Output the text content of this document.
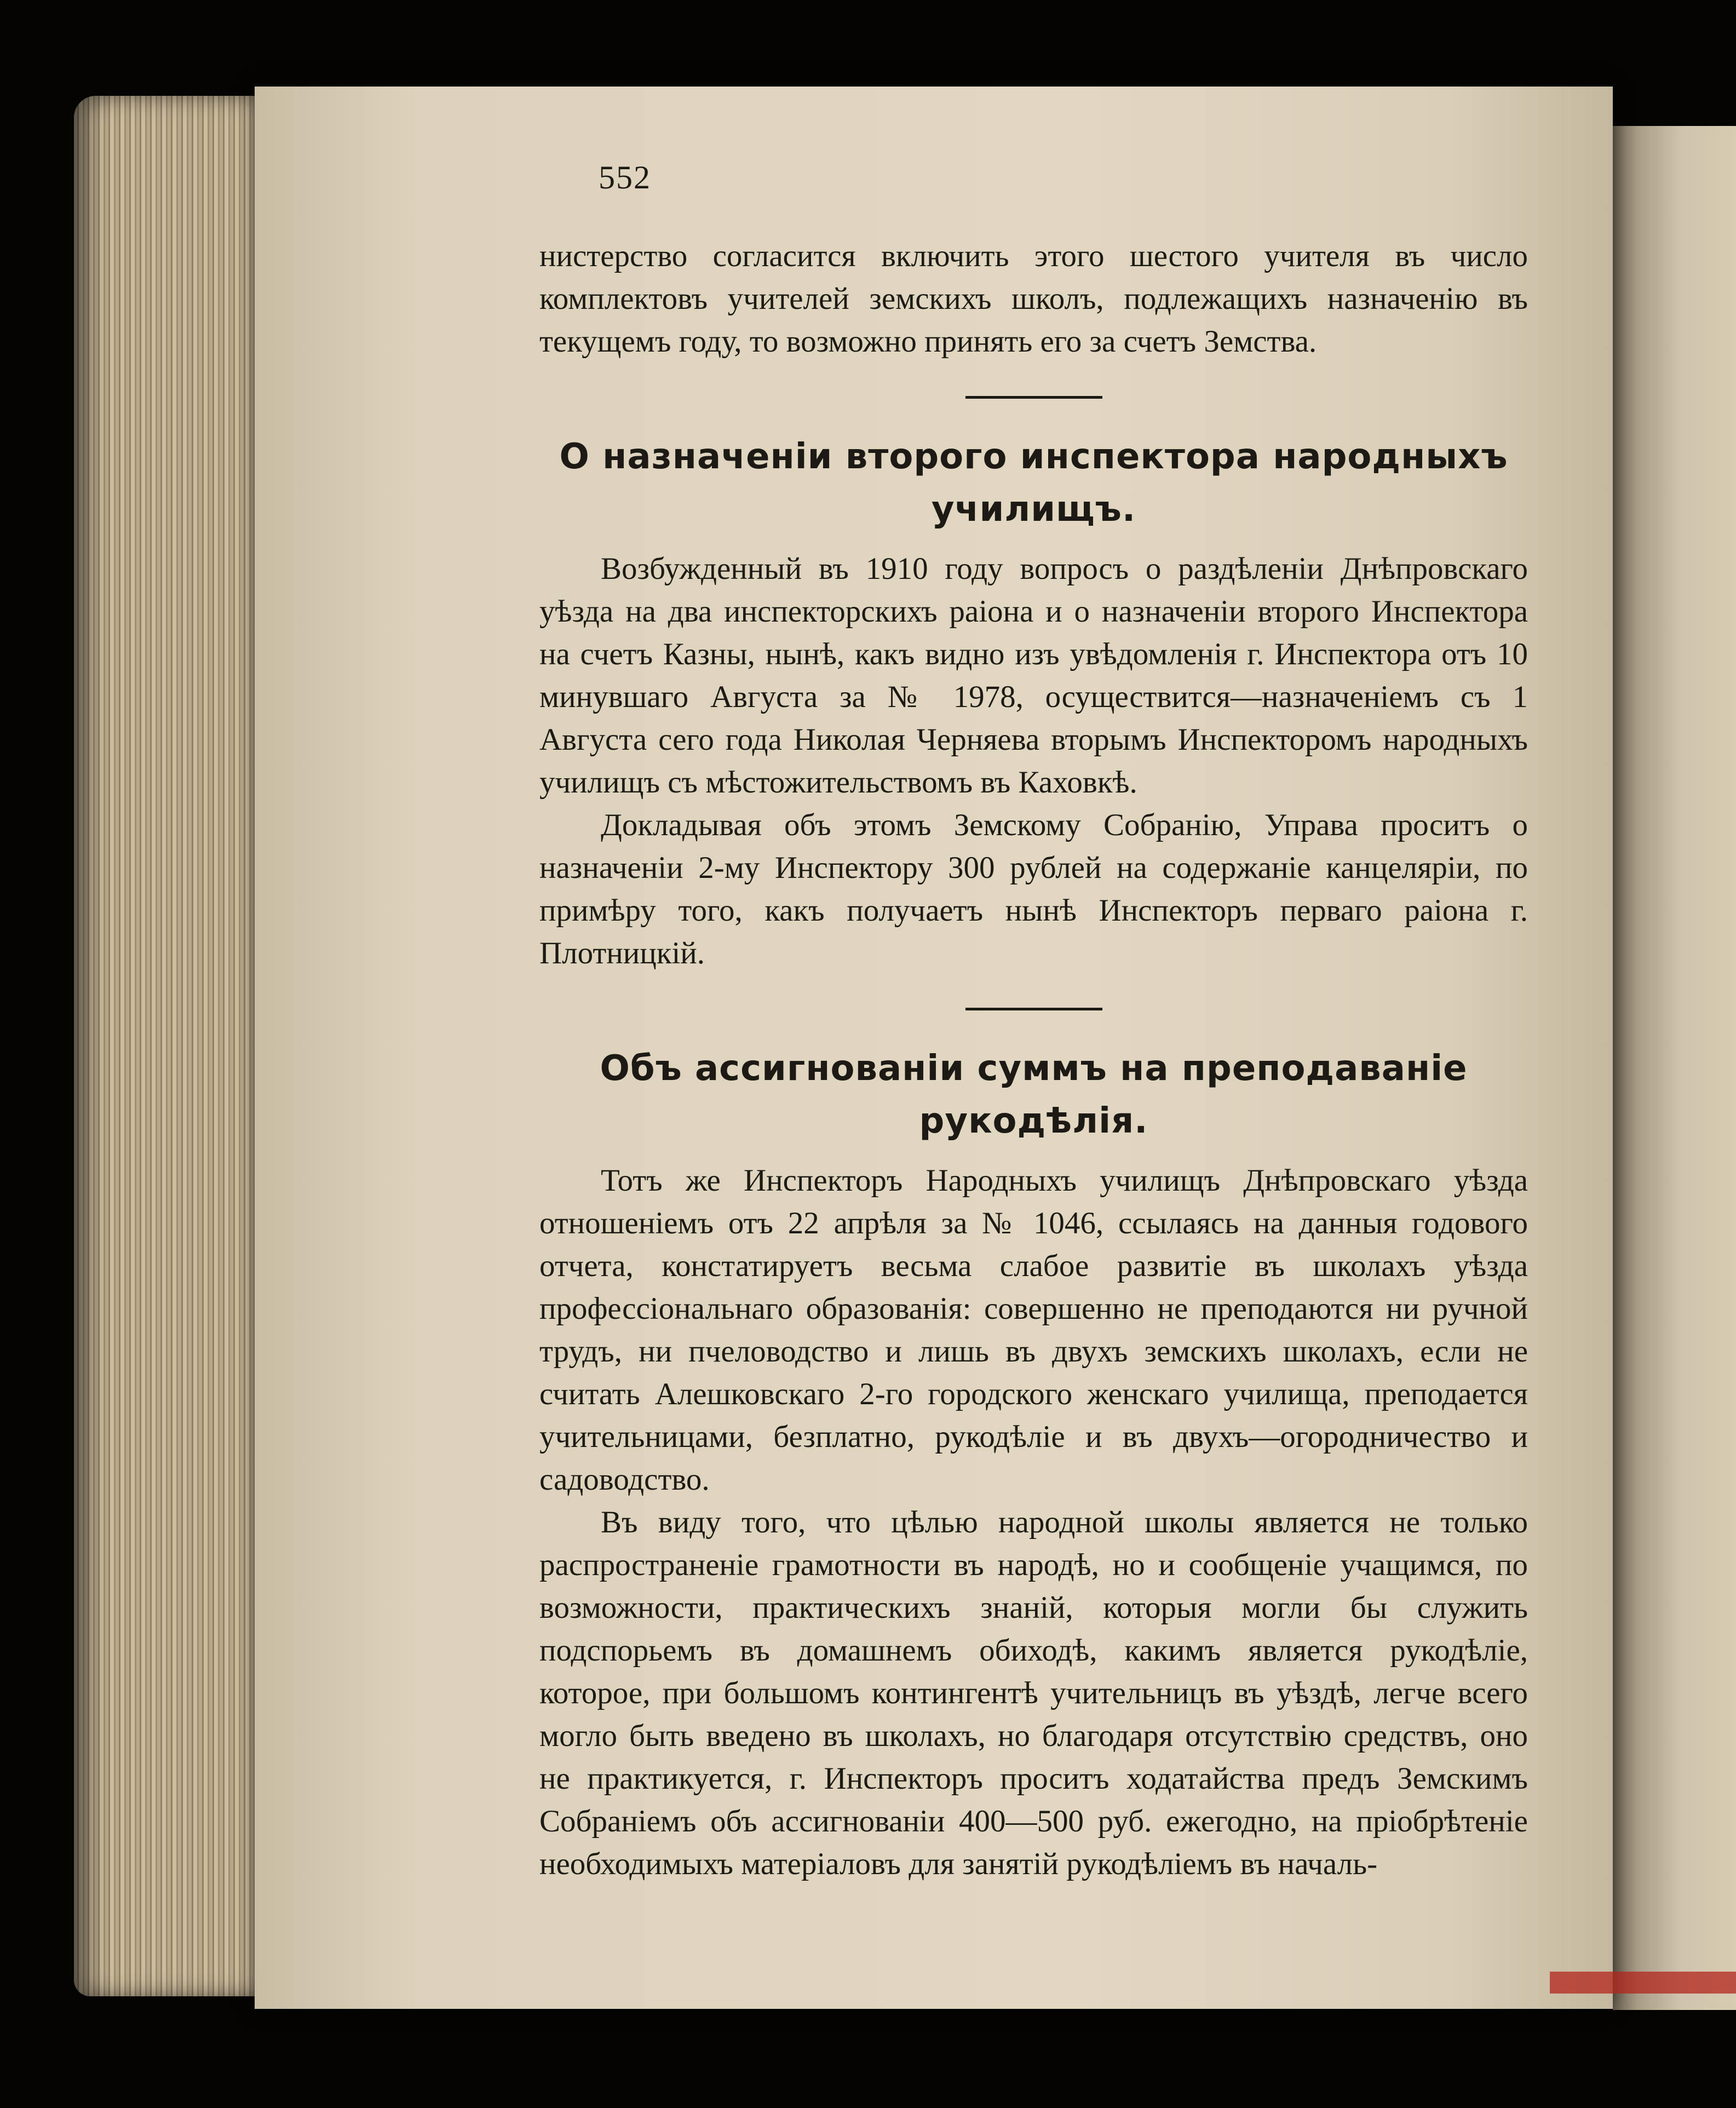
552

нистерство согласится включить этого шестого учителя въ число комплектовъ учителей земскихъ школъ, подлежащихъ назначенію въ текущемъ году, то возможно принять его за счетъ Земства.

О назначеніи второго инспектора народныхъ училищъ.

Возбужденный въ 1910 году вопросъ о раздѣленіи Днѣпровскаго уѣзда на два инспекторскихъ раіона и о назначеніи второго Инспектора на счетъ Казны, нынѣ, какъ видно изъ увѣдомленія г. Инспектора отъ 10 минувшаго Августа за № 1978, осуществится—назначеніемъ съ 1 Августа сего года Николая Черняева вторымъ Инспекторомъ народныхъ училищъ съ мѣстожительствомъ въ Каховкѣ.

Докладывая объ этомъ Земскому Собранію, Управа проситъ о назначеніи 2-му Инспектору 300 рублей на содержаніе канцеляріи, по примѣру того, какъ получаетъ нынѣ Инспекторъ перваго раіона г. Плотницкій.

Объ ассигнованіи суммъ на преподаваніе рукодѣлія.

Тотъ же Инспекторъ Народныхъ училищъ Днѣпровскаго уѣзда отношеніемъ отъ 22 апрѣля за № 1046, ссылаясь на данныя годового отчета, констатируетъ весьма слабое развитіе въ школахъ уѣзда профессіональнаго образованія: совершенно не преподаются ни ручной трудъ, ни пчеловодство и лишь въ двухъ земскихъ школахъ, если не считать Алешковскаго 2-го городского женскаго училища, преподается учительницами, безплатно, рукодѣліе и въ двухъ—огородничество и садоводство.

Въ виду того, что цѣлью народной школы является не только распространеніе грамотности въ народѣ, но и сообщеніе учащимся, по возможности, практическихъ знаній, которыя могли бы служить подспорьемъ въ домашнемъ обиходѣ, какимъ является рукодѣліе, которое, при большомъ контингентѣ учительницъ въ уѣздѣ, легче всего могло быть введено въ школахъ, но благодаря отсутствію средствъ, оно не практикуется, г. Инспекторъ проситъ ходатайства предъ Земскимъ Собраніемъ объ ассигнованіи 400—500 руб. ежегодно, на пріобрѣтеніе необходимыхъ матеріаловъ для занятій рукодѣліемъ въ началь-
